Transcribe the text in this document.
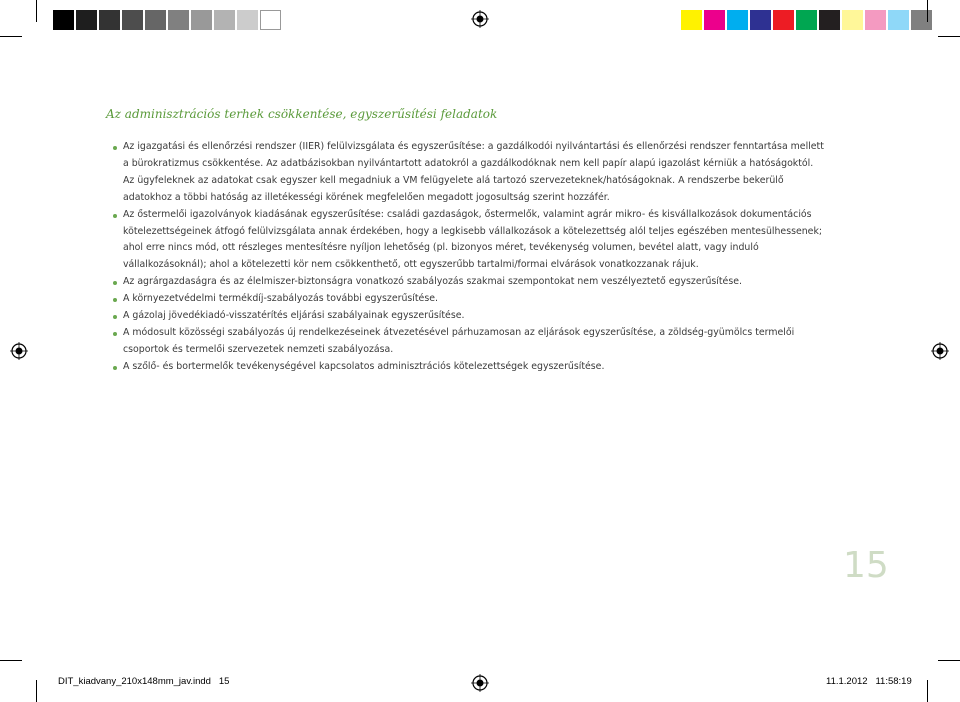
Az adminisztrációs terhek csökkentése, egyszerűsítési feladatok
Az igazgatási és ellenőrzési rendszer (IIER) felülvizsgálata és egyszerűsítése: a gazdálkodói nyilvántartási és ellenőrzési rendszer fenntartása mellett a bürokratizmus csökkentése. Az adatbázisokban nyilvántartott adatokról a gazdálkodóknak nem kell papír alapú igazolást kérniük a hatóságoktól. Az ügyfeleknek az adatokat csak egyszer kell megadniuk a VM felügyelete alá tartozó szervezeteknek/hatóságoknak. A rendszerbe bekerülő adatokhoz a többi hatóság az illetékességi körének megfelelően megadott jogosultság szerint hozzáfér.
Az őstermelői igazolványok kiadásának egyszerűsítése: családi gazdaságok, őstermelők, valamint agrár mikro- és kisvállalkozások dokumentációs kötelezettségeinek átfogó felülvizsgálata annak érdekében, hogy a legkisebb vállalkozások a kötelezettség alól teljes egészében mentesülhessenek; ahol erre nincs mód, ott részleges mentesítésre nyíljon lehetőség (pl. bizonyos méret, tevékenység volumen, bevétel alatt, vagy induló vállalkozásoknál); ahol a kötelezetti kör nem csökkenthető, ott egyszerűbb tartalmi/formai elvárások vonatkozzanak rájuk.
Az agrárgazdaságra és az élelmiszer-biztonságra vonatkozó szabályozás szakmai szempontokat nem veszélyeztető egyszerűsítése.
A környezetvédelmi termékdíj-szabályozás további egyszerűsítése.
A gázolaj jövedékiadó-visszatérítés eljárási szabályainak egyszerűsítése.
A módosult közösségi szabályozás új rendelkezéseinek átvezetésével párhuzamosan az eljárások egyszerűsítése, a zöldség-gyümölcs termelői csoportok és termelői szervezetek nemzeti szabályozása.
A szőlő- és bortermelők tevékenységével kapcsolatos adminisztrációs kötelezettségek egyszerűsítése.
15
DIT_kiadvany_210x148mm_jav.indd   15	11.1.2012   11:58:19
